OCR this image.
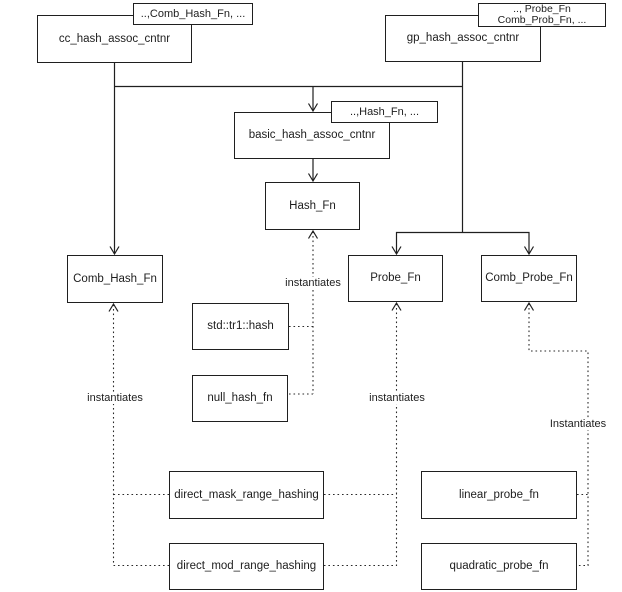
cc_hash_assoc_cntnr	gp_hash_assoc_cntnr
basic_hash_assoc_cntnr
Hash_Fn
Comb_Hash_Fn	Probe_Fn	Comb_Probe_Fn
std::tr1::hash
null_hash_fn
direct_mask_range_hashing
direct_mod_range_hashing
linear_probe_fn
quadratic_probe_fn
..,Comb_Hash_Fn, ...	.., Probe_Fn
Comb_Prob_Fn, ...
..,Hash_Fn, ...
instantiates
instantiates	instantiates
Instantiates
